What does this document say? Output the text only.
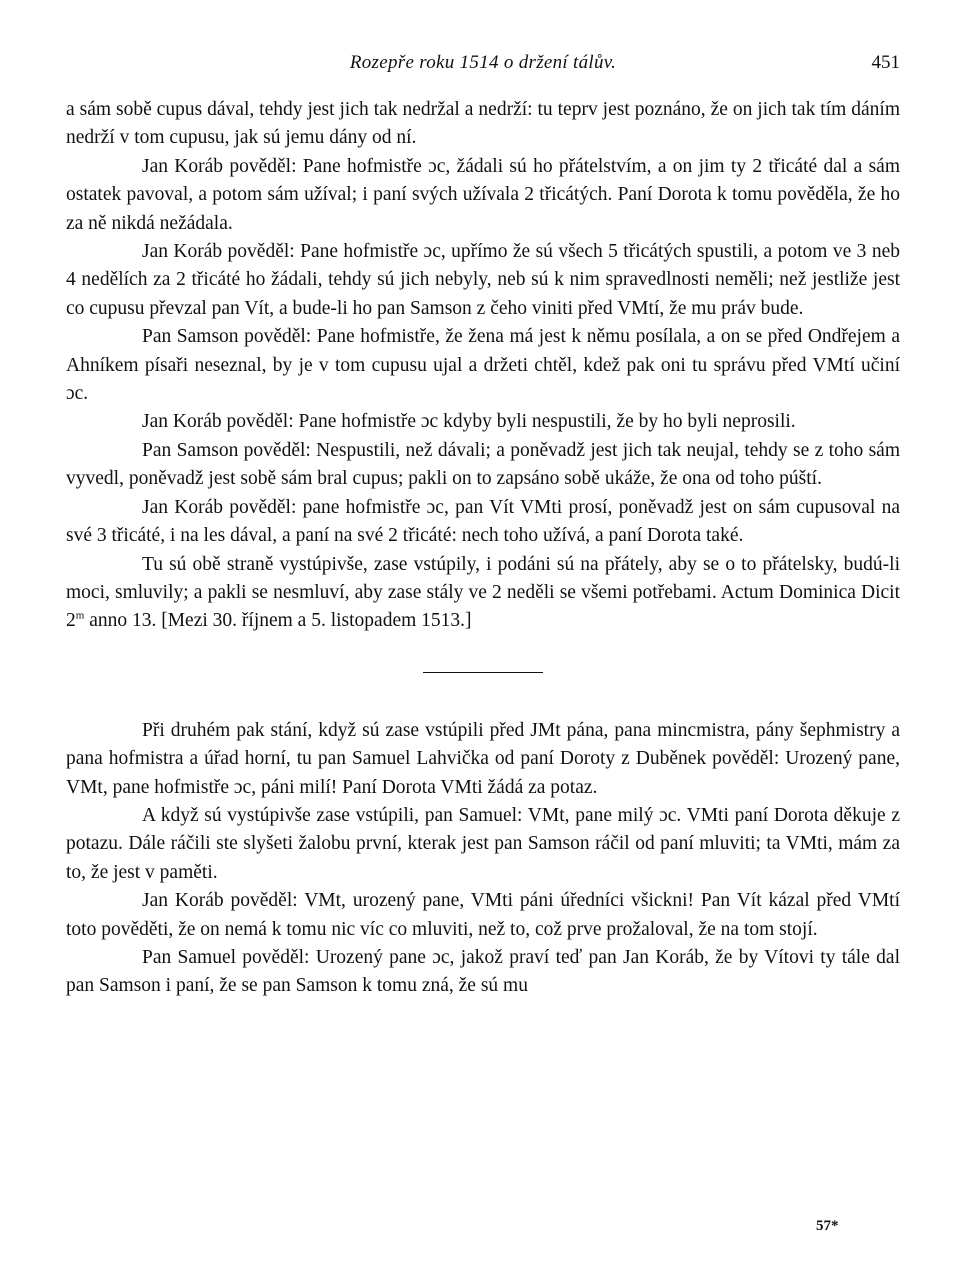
Rozepře roku 1514 o držení tálův.	451

a sám sobě cupus dával, tehdy jest jich tak nedržal a nedrží: tu teprv jest poznáno, že on jich tak tím dáním nedrží v tom cupusu, jak sú jemu dány od ní.

Jan Koráb pověděl: Pane hofmistře ɔc, žádali sú ho přátelstvím, a on jim ty 2 třicáté dal a sám ostatek pavoval, a potom sám užíval; i paní svých užívala 2 třicátých. Paní Dorota k tomu pověděla, že ho za ně nikdá nežádala.

Jan Koráb pověděl: Pane hofmistře ɔc, upřímo že sú všech 5 třicátých spustili, a potom ve 3 neb 4 nedělích za 2 třicáté ho žádali, tehdy sú jich nebyly, neb sú k nim spravedlnosti neměli; než jestliže jest co cupusu převzal pan Vít, a bude-li ho pan Samson z čeho viniti před VMtí, že mu práv bude.

Pan Samson pověděl: Pane hofmistře, že žena má jest k němu posílala, a on se před Ondřejem a Ahníkem písaři neseznal, by je v tom cupusu ujal a držeti chtěl, kdež pak oni tu správu před VMtí učiní ɔc.

Jan Koráb pověděl: Pane hofmistře ɔc kdyby byli nespustili, že by ho byli neprosili.

Pan Samson pověděl: Nespustili, než dávali; a poněvadž jest jich tak neujal, tehdy se z toho sám vyvedl, poněvadž jest sobě sám bral cupus; pakli on to zapsáno sobě ukáže, že ona od toho púští.

Jan Koráb pověděl: pane hofmistře ɔc, pan Vít VMti prosí, poněvadž jest on sám cupusoval na své 3 třicáté, i na les dával, a paní na své 2 třicáté: nech toho užívá, a paní Dorota také.

Tu sú obě straně vystúpivše, zase vstúpily, i podáni sú na přátely, aby se o to přátelsky, budú-li moci, smluvily; a pakli se nesmluví, aby zase stály ve 2 neděli se všemi potřebami. Actum Dominica Dicit 2$^m$ anno 13. [Mezi 30. říjnem a 5. listopadem 1513.]

Při druhém pak stání, když sú zase vstúpili před JMt pána, pana mincmistra, pány šephmistry a pana hofmistra a úřad horní, tu pan Samuel Lahvička od paní Doroty z Duběnek pověděl: Urozený pane, VMt, pane hofmistře ɔc, páni milí! Paní Dorota VMti žádá za potaz.

A když sú vystúpivše zase vstúpili, pan Samuel: VMt, pane milý ɔc. VMti paní Dorota děkuje z potazu. Dále ráčili ste slyšeti žalobu první, kterak jest pan Samson ráčil od paní mluviti; ta VMti, mám za to, že jest v paměti.

Jan Koráb pověděl: VMt, urozený pane, VMti páni úředníci všickni! Pan Vít kázal před VMtí toto pověděti, že on nemá k tomu nic víc co mluviti, než to, což prve prožaloval, že na tom stojí.

Pan Samuel pověděl: Urozený pane ɔc, jakož praví teď pan Jan Koráb, že by Vítovi ty tále dal pan Samson i paní, že se pan Samson k tomu zná, že sú mu

57*
